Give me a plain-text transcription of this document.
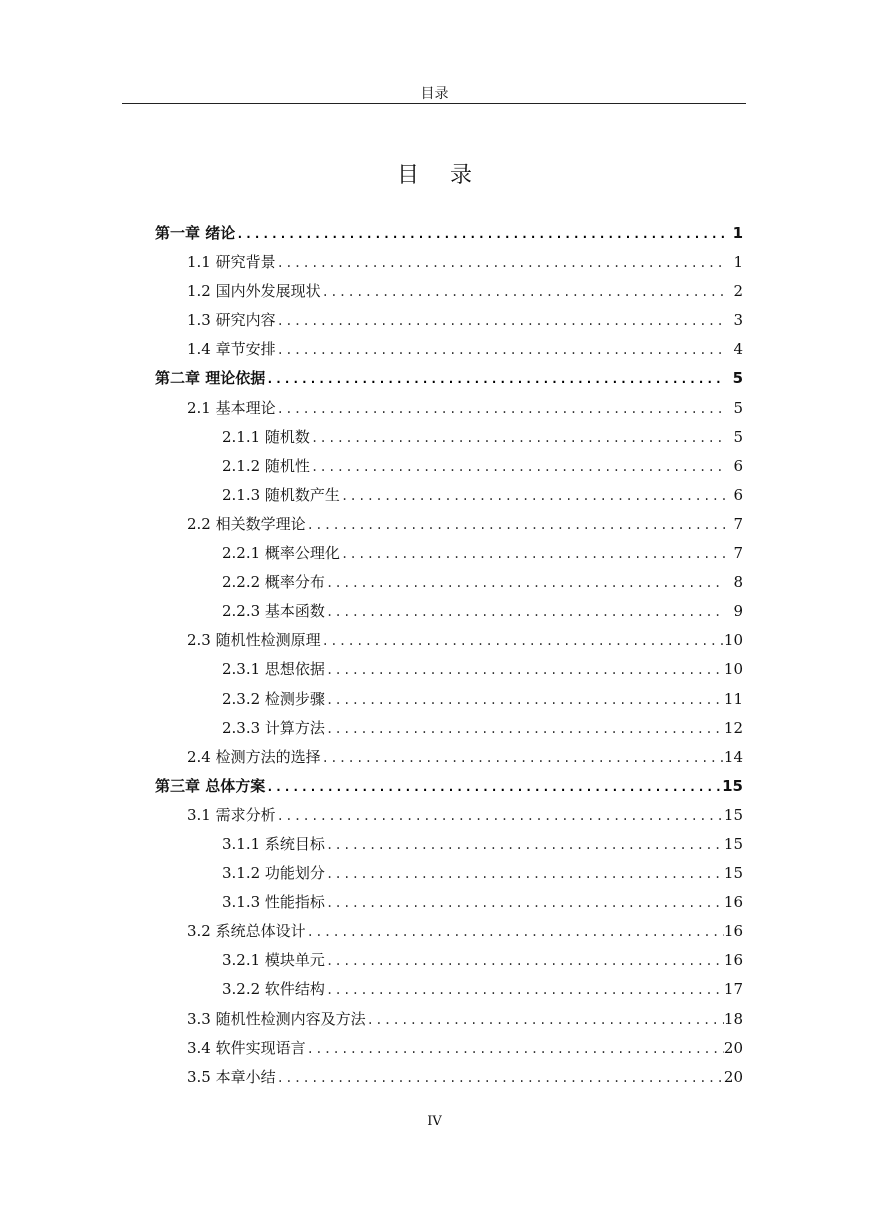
目录
目 录
第一章 绪论 .....	1
1.1 研究背景 .....	1
1.2 国内外发展现状 .....	2
1.3 研究内容 .....	3
1.4 章节安排 .....	4
第二章 理论依据 .....	5
2.1 基本理论 .....	5
2.1.1 随机数 .....	5
2.1.2 随机性 .....	6
2.1.3 随机数产生 .....	6
2.2 相关数学理论 .....	7
2.2.1 概率公理化 .....	7
2.2.2 概率分布 .....	8
2.2.3 基本函数 .....	9
2.3 随机性检测原理 .....	10
2.3.1 思想依据 .....	10
2.3.2 检测步骤 .....	11
2.3.3 计算方法 .....	12
2.4 检测方法的选择 .....	14
第三章 总体方案 .....	15
3.1 需求分析 .....	15
3.1.1 系统目标 .....	15
3.1.2 功能划分 .....	15
3.1.3 性能指标 .....	16
3.2 系统总体设计 .....	16
3.2.1 模块单元 .....	16
3.2.2 软件结构 .....	17
3.3 随机性检测内容及方法 .....	18
3.4 软件实现语言 .....	20
3.5 本章小结 .....	20
IV
